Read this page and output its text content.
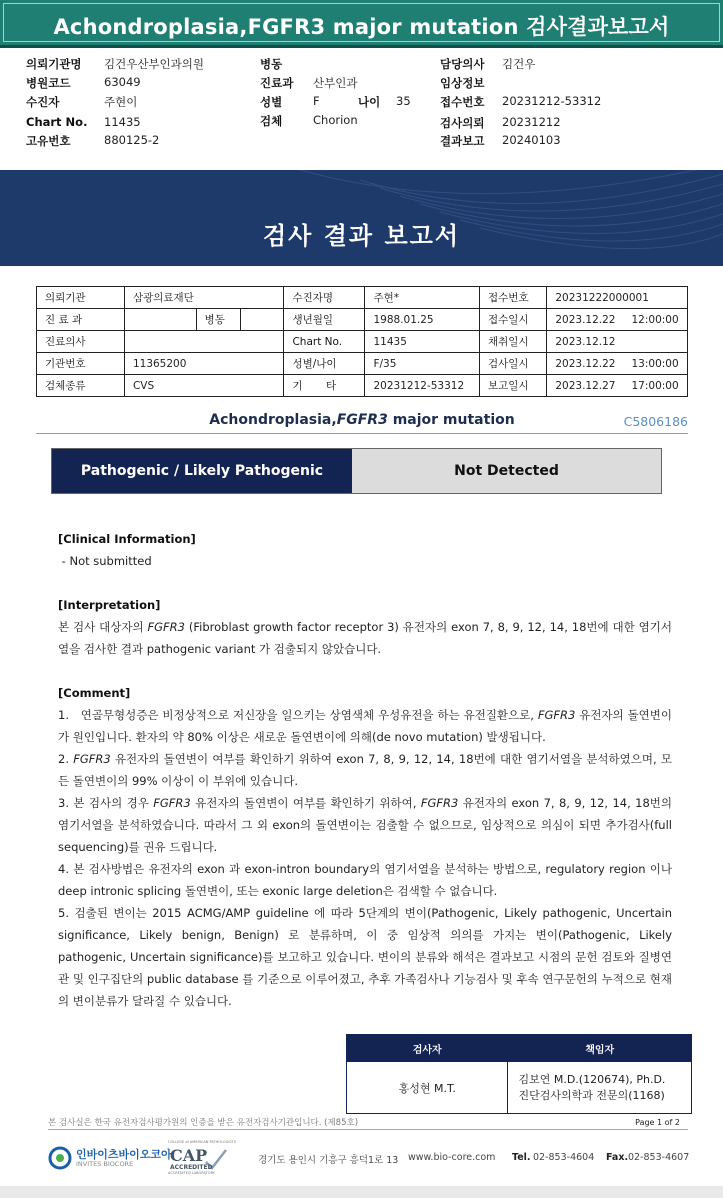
Achondroplasia,FGFR3 major mutation 검사결과보고서
의뢰기관명 김건우산부인과의원
병원코드	63049
수진자	주현이
Chart No. 11435
고유번호	880125-2
병동
진료과 산부인과
성별	F	나이 35
검체	Chorion
담당의사 김건우
임상정보
접수번호 20231212-53312
검사의뢰 20231212
결과보고 20240103
검사 결과 보고서
의뢰기관	삼광의료재단			수진자명	주현*	접수번호	20231222000001	
진 료 과		병동		생년월일	1988.01.25	접수일시	2023.12.22	12:00:00
진료의사				Chart No.	11435	채취일시	2023.12.12	
기관번호	11365200			성별/나이	F/35	검사일시	2023.12.22	13:00:00
검체종류	CVS			기       타	20231212-53312	보고일시	2023.12.27	17:00:00
Achondroplasia,FGFR3 major mutation	C5806186
Pathogenic / Likely Pathogenic variant
Not Detected
[Clinical Information]
- Not submitted
[Interpretation]

본 검사 대상자의 FGFR3 (Fibroblast growth factor receptor 3) 유전자의 exon 7, 8, 9, 12, 14, 18번에 대한 염기서열을 검사한 결과 pathogenic variant 가 검출되지 않았습니다.

[Comment]

1.   연골무형성증은 비정상적으로 저신장을 일으키는 상염색체 우성유전을 하는 유전질환으로, FGFR3 유전자의 돌연변이가 원인입니다. 환자의 약 80% 이상은 새로운 돌연변이에 의해(de novo mutation) 발생됩니다.

2. FGFR3 유전자의 돌연변이 여부를 확인하기 위하여 exon 7, 8, 9, 12, 14, 18번에 대한 염기서열을 분석하였으며, 모든 돌연변이의 99% 이상이 이 부위에 있습니다.

3. 본 검사의 경우 FGFR3 유전자의 돌연변이 여부를 확인하기 위하여, FGFR3 유전자의 exon 7, 8, 9, 12, 14, 18번의 염기서열을 분석하였습니다. 따라서 그 외 exon의 돌연변이는 검출할 수 없으므로, 임상적으로 의심이 되면 추가검사(full sequencing)를 권유 드립니다.

4. 본 검사방법은 유전자의 exon 과 exon-intron boundary의 염기서열을 분석하는 방법으로, regulatory region 이나 deep intronic splicing 돌연변이, 또는 exonic large deletion은 검색할 수 없습니다.

5. 검출된 변이는 2015 ACMG/AMP guideline 에 따라 5단계의 변이(Pathogenic, Likely pathogenic, Uncertain significance, Likely benign, Benign) 로 분류하며, 이 중 임상적 의의를 가지는 변이(Pathogenic, Likely pathogenic, Uncertain significance)를 보고하고 있습니다. 변이의 분류와 해석은 결과보고 시점의 문헌 검토와 질병연관 및 인구집단의 public database 를 기준으로 이루어졌고, 추후 가족검사나 기능검사 및 후속 연구문헌의 누적으로 현재의 변이분류가 달라질 수 있습니다.

검사자	책임자
홍성현 M.T.	김보연 M.D.(120674), Ph.D.
진단검사의학과 전문의(1168)
본 검사실은 한국 유전자검사평가원의 인증을 받은 유전자검사기관입니다. (제85호)	Page 1 of 2
인바이츠바이오코아
INVITES BIOCORE
COLLEGE of AMERICAN PATHOLOGISTS
CAP
ACCREDITED
ACCREDITED LABORATORY
경기도 용인시 기흥구 흥덕1로 13 www.bio-core.com Tel. 02-853-4604 Fax. 02-853-4607
